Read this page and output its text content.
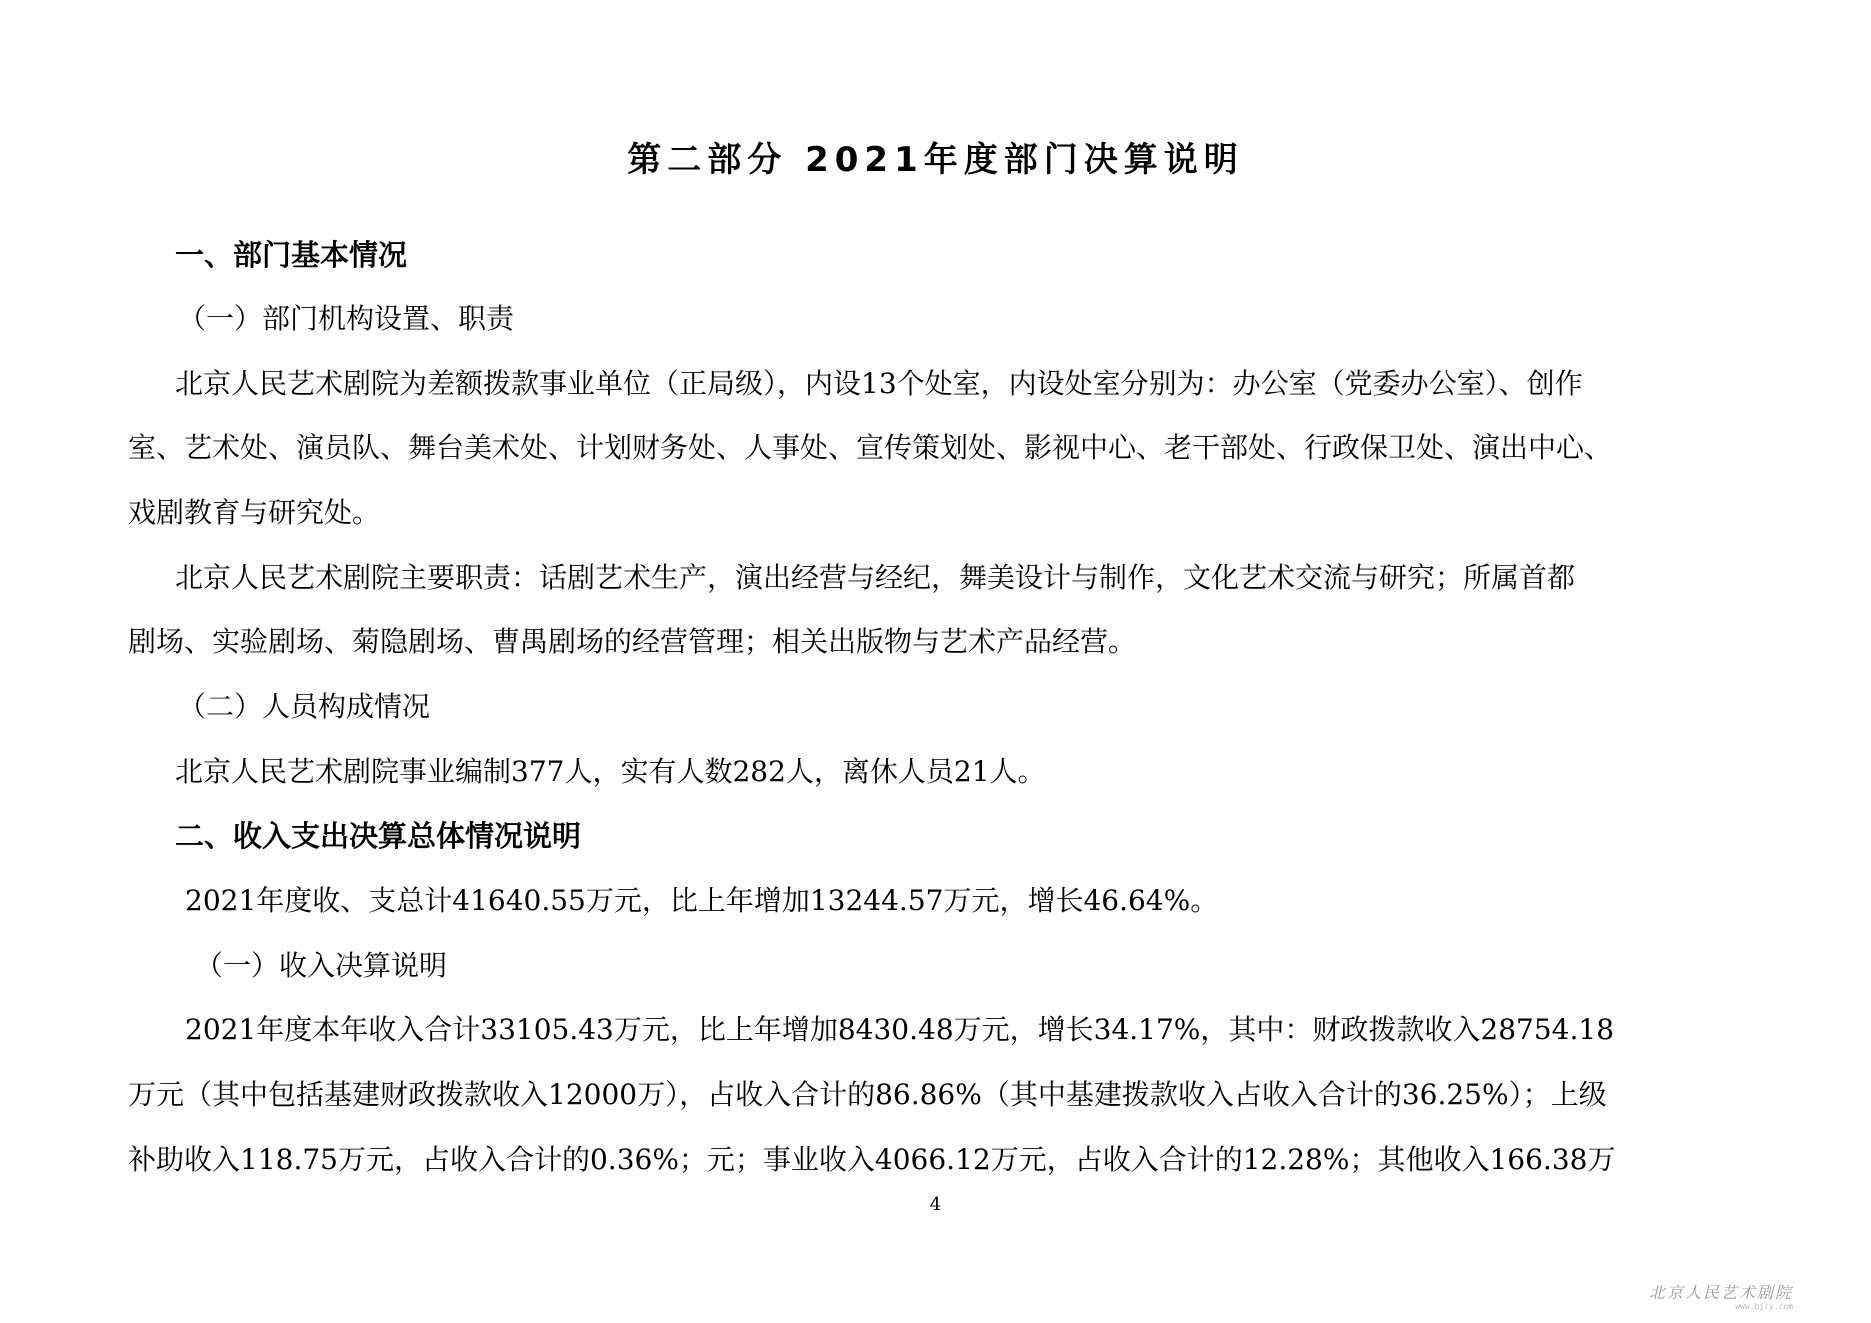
第二部分 2021年度部门决算说明
一、部门基本情况
（一）部门机构设置、职责
北京人民艺术剧院为差额拨款事业单位（正局级），内设13个处室，内设处室分别为：办公室（党委办公室）、创作
室、艺术处、演员队、舞台美术处、计划财务处、人事处、宣传策划处、影视中心、老干部处、行政保卫处、演出中心、
戏剧教育与研究处。
北京人民艺术剧院主要职责：话剧艺术生产，演出经营与经纪，舞美设计与制作，文化艺术交流与研究；所属首都
剧场、实验剧场、菊隐剧场、曹禺剧场的经营管理；相关出版物与艺术产品经营。
（二）人员构成情况
北京人民艺术剧院事业编制377人，实有人数282人，离休人员21人。
二、收入支出决算总体情况说明
2021年度收、支总计41640.55万元，比上年增加13244.57万元，增长46.64%。
（一）收入决算说明
2021年度本年收入合计33105.43万元，比上年增加8430.48万元，增长34.17%，其中：财政拨款收入28754.18
万元（其中包括基建财政拨款收入12000万），占收入合计的86.86%（其中基建拨款收入占收入合计的36.25%）；上级
补助收入118.75万元，占收入合计的0.36%；元；事业收入4066.12万元，占收入合计的12.28%；其他收入166.38万
4
北京人民艺术剧院
www.bjry.com
